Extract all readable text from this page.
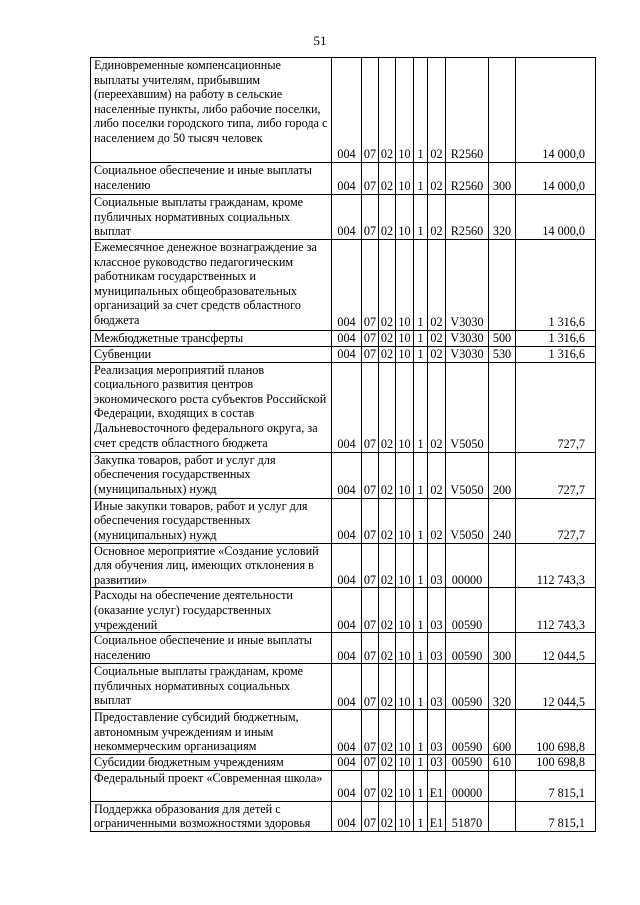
51
Единовременные компенсационные выплаты учителям, прибывшим (переехавшим) на работу в сельские населенные пункты, либо рабочие поселки, либо поселки городского типа, либо города с населением до 50 тысяч человек	004	07	02	10	1	02	R2560		14 000,0
Социальное обеспечение и иные выплаты населению	004	07	02	10	1	02	R2560	300	14 000,0
Социальные выплаты гражданам, кроме публичных нормативных социальных выплат	004	07	02	10	1	02	R2560	320	14 000,0
Ежемесячное денежное вознаграждение за классное руководство педагогическим работникам государственных и муниципальных общеобразовательных организаций за счет средств областного бюджета	004	07	02	10	1	02	V3030		1 316,6
Межбюджетные трансферты	004	07	02	10	1	02	V3030	500	1 316,6
Субвенции	004	07	02	10	1	02	V3030	530	1 316,6
Реализация мероприятий планов социального развития центров экономического роста субъектов Российской Федерации, входящих в состав Дальневосточного федерального округа, за счет средств областного бюджета	004	07	02	10	1	02	V5050		727,7
Закупка товаров, работ и услуг для обеспечения государственных (муниципальных) нужд	004	07	02	10	1	02	V5050	200	727,7
Иные закупки товаров, работ и услуг для обеспечения государственных (муниципальных) нужд	004	07	02	10	1	02	V5050	240	727,7
Основное мероприятие «Создание условий для обучения лиц, имеющих отклонения в развитии»	004	07	02	10	1	03	00000		112 743,3
Расходы на обеспечение деятельности (оказание услуг) государственных учреждений	004	07	02	10	1	03	00590		112 743,3
Социальное обеспечение и иные выплаты населению	004	07	02	10	1	03	00590	300	12 044,5
Социальные выплаты гражданам, кроме публичных нормативных социальных выплат	004	07	02	10	1	03	00590	320	12 044,5
Предоставление субсидий бюджетным, автономным учреждениям и иным некоммерческим организациям	004	07	02	10	1	03	00590	600	100 698,8
Субсидии бюджетным учреждениям	004	07	02	10	1	03	00590	610	100 698,8
Федеральный проект «Современная школа»	004	07	02	10	1	E1	00000		7 815,1
Поддержка образования для детей с ограниченными возможностями здоровья	004	07	02	10	1	E1	51870		7 815,1
